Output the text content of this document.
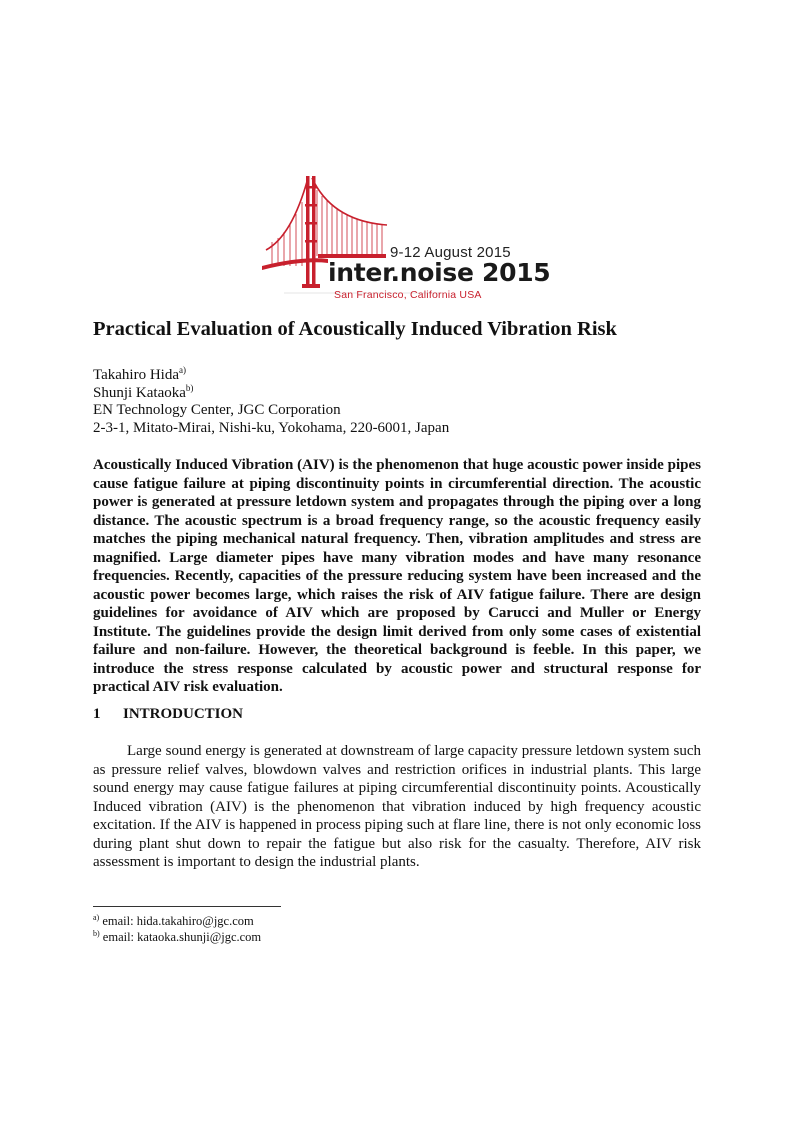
9-12 August 2015
inter.noise 2015
San Francisco, California USA
Practical Evaluation of Acoustically Induced Vibration Risk
Takahiro Hida$^{a)}$
Shunji Kataoka$^{b)}$
EN Technology Center, JGC Corporation
2-3-1, Mitato-Mirai, Nishi-ku, Yokohama, 220-6001, Japan

Acoustically Induced Vibration (AIV) is the phenomenon that huge acoustic power inside pipes cause fatigue failure at piping discontinuity points in circumferential direction. The acoustic power is generated at pressure letdown system and propagates through the piping over a long distance. The acoustic spectrum is a broad frequency range, so the acoustic frequency easily matches the piping mechanical natural frequency. Then, vibration amplitudes and stress are magnified. Large diameter pipes have many vibration modes and have many resonance frequencies. Recently, capacities of the pressure reducing system have been increased and the acoustic power becomes large, which raises the risk of AIV fatigue failure. There are design guidelines for avoidance of AIV which are proposed by Carucci and Muller or Energy Institute. The guidelines provide the design limit derived from only some cases of existential failure and non-failure. However, the theoretical background is feeble. In this paper, we introduce the stress response calculated by acoustic power and structural response for practical AIV risk evaluation.

1 INTRODUCTION

Large sound energy is generated at downstream of large capacity pressure letdown system such as pressure relief valves, blowdown valves and restriction orifices in industrial plants. This large sound energy may cause fatigue failures at piping circumferential discontinuity points. Acoustically Induced vibration (AIV) is the phenomenon that vibration induced by high frequency acoustic excitation. If the AIV is happened in process piping such at flare line, there is not only economic loss during plant shut down to repair the fatigue but also risk for the casualty. Therefore, AIV risk assessment is important to design the industrial plants.

$^{a)}$ email: hida.takahiro@jgc.com
$^{b)}$ email: kataoka.shunji@jgc.com
